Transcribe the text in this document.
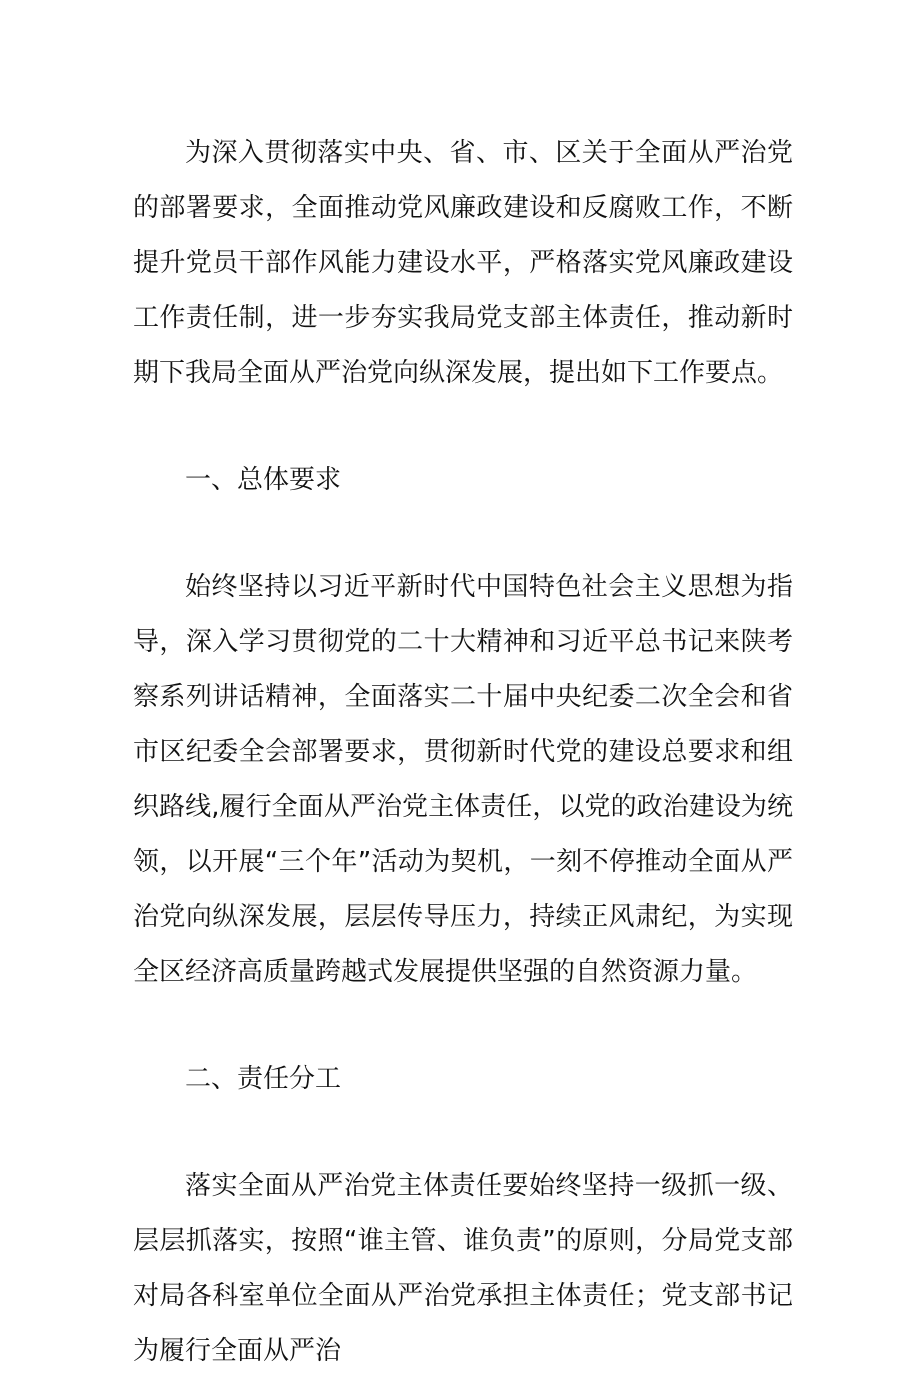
为深入贯彻落实中央、省、市、区关于全面从严治党的部署要求，全面推动党风廉政建设和反腐败工作，不断提升党员干部作风能力建设水平，严格落实党风廉政建设工作责任制，进一步夯实我局党支部主体责任，推动新时期下我局全面从严治党向纵深发展，提出如下工作要点。

一、总体要求

始终坚持以习近平新时代中国特色社会主义思想为指导，深入学习贯彻党的二十大精神和习近平总书记来陕考察系列讲话精神，全面落实二十届中央纪委二次全会和省市区纪委全会部署要求，贯彻新时代党的建设总要求和组织路线,履行全面从严治党主体责任，以党的政治建设为统领，以开展“三个年”活动为契机，一刻不停推动全面从严治党向纵深发展，层层传导压力，持续正风肃纪，为实现全区经济高质量跨越式发展提供坚强的自然资源力量。

二、责任分工

落实全面从严治党主体责任要始终坚持一级抓一级、层层抓落实，按照“谁主管、谁负责”的原则，分局党支部对局各科室单位全面从严治党承担主体责任；党支部书记为履行全面从严治
